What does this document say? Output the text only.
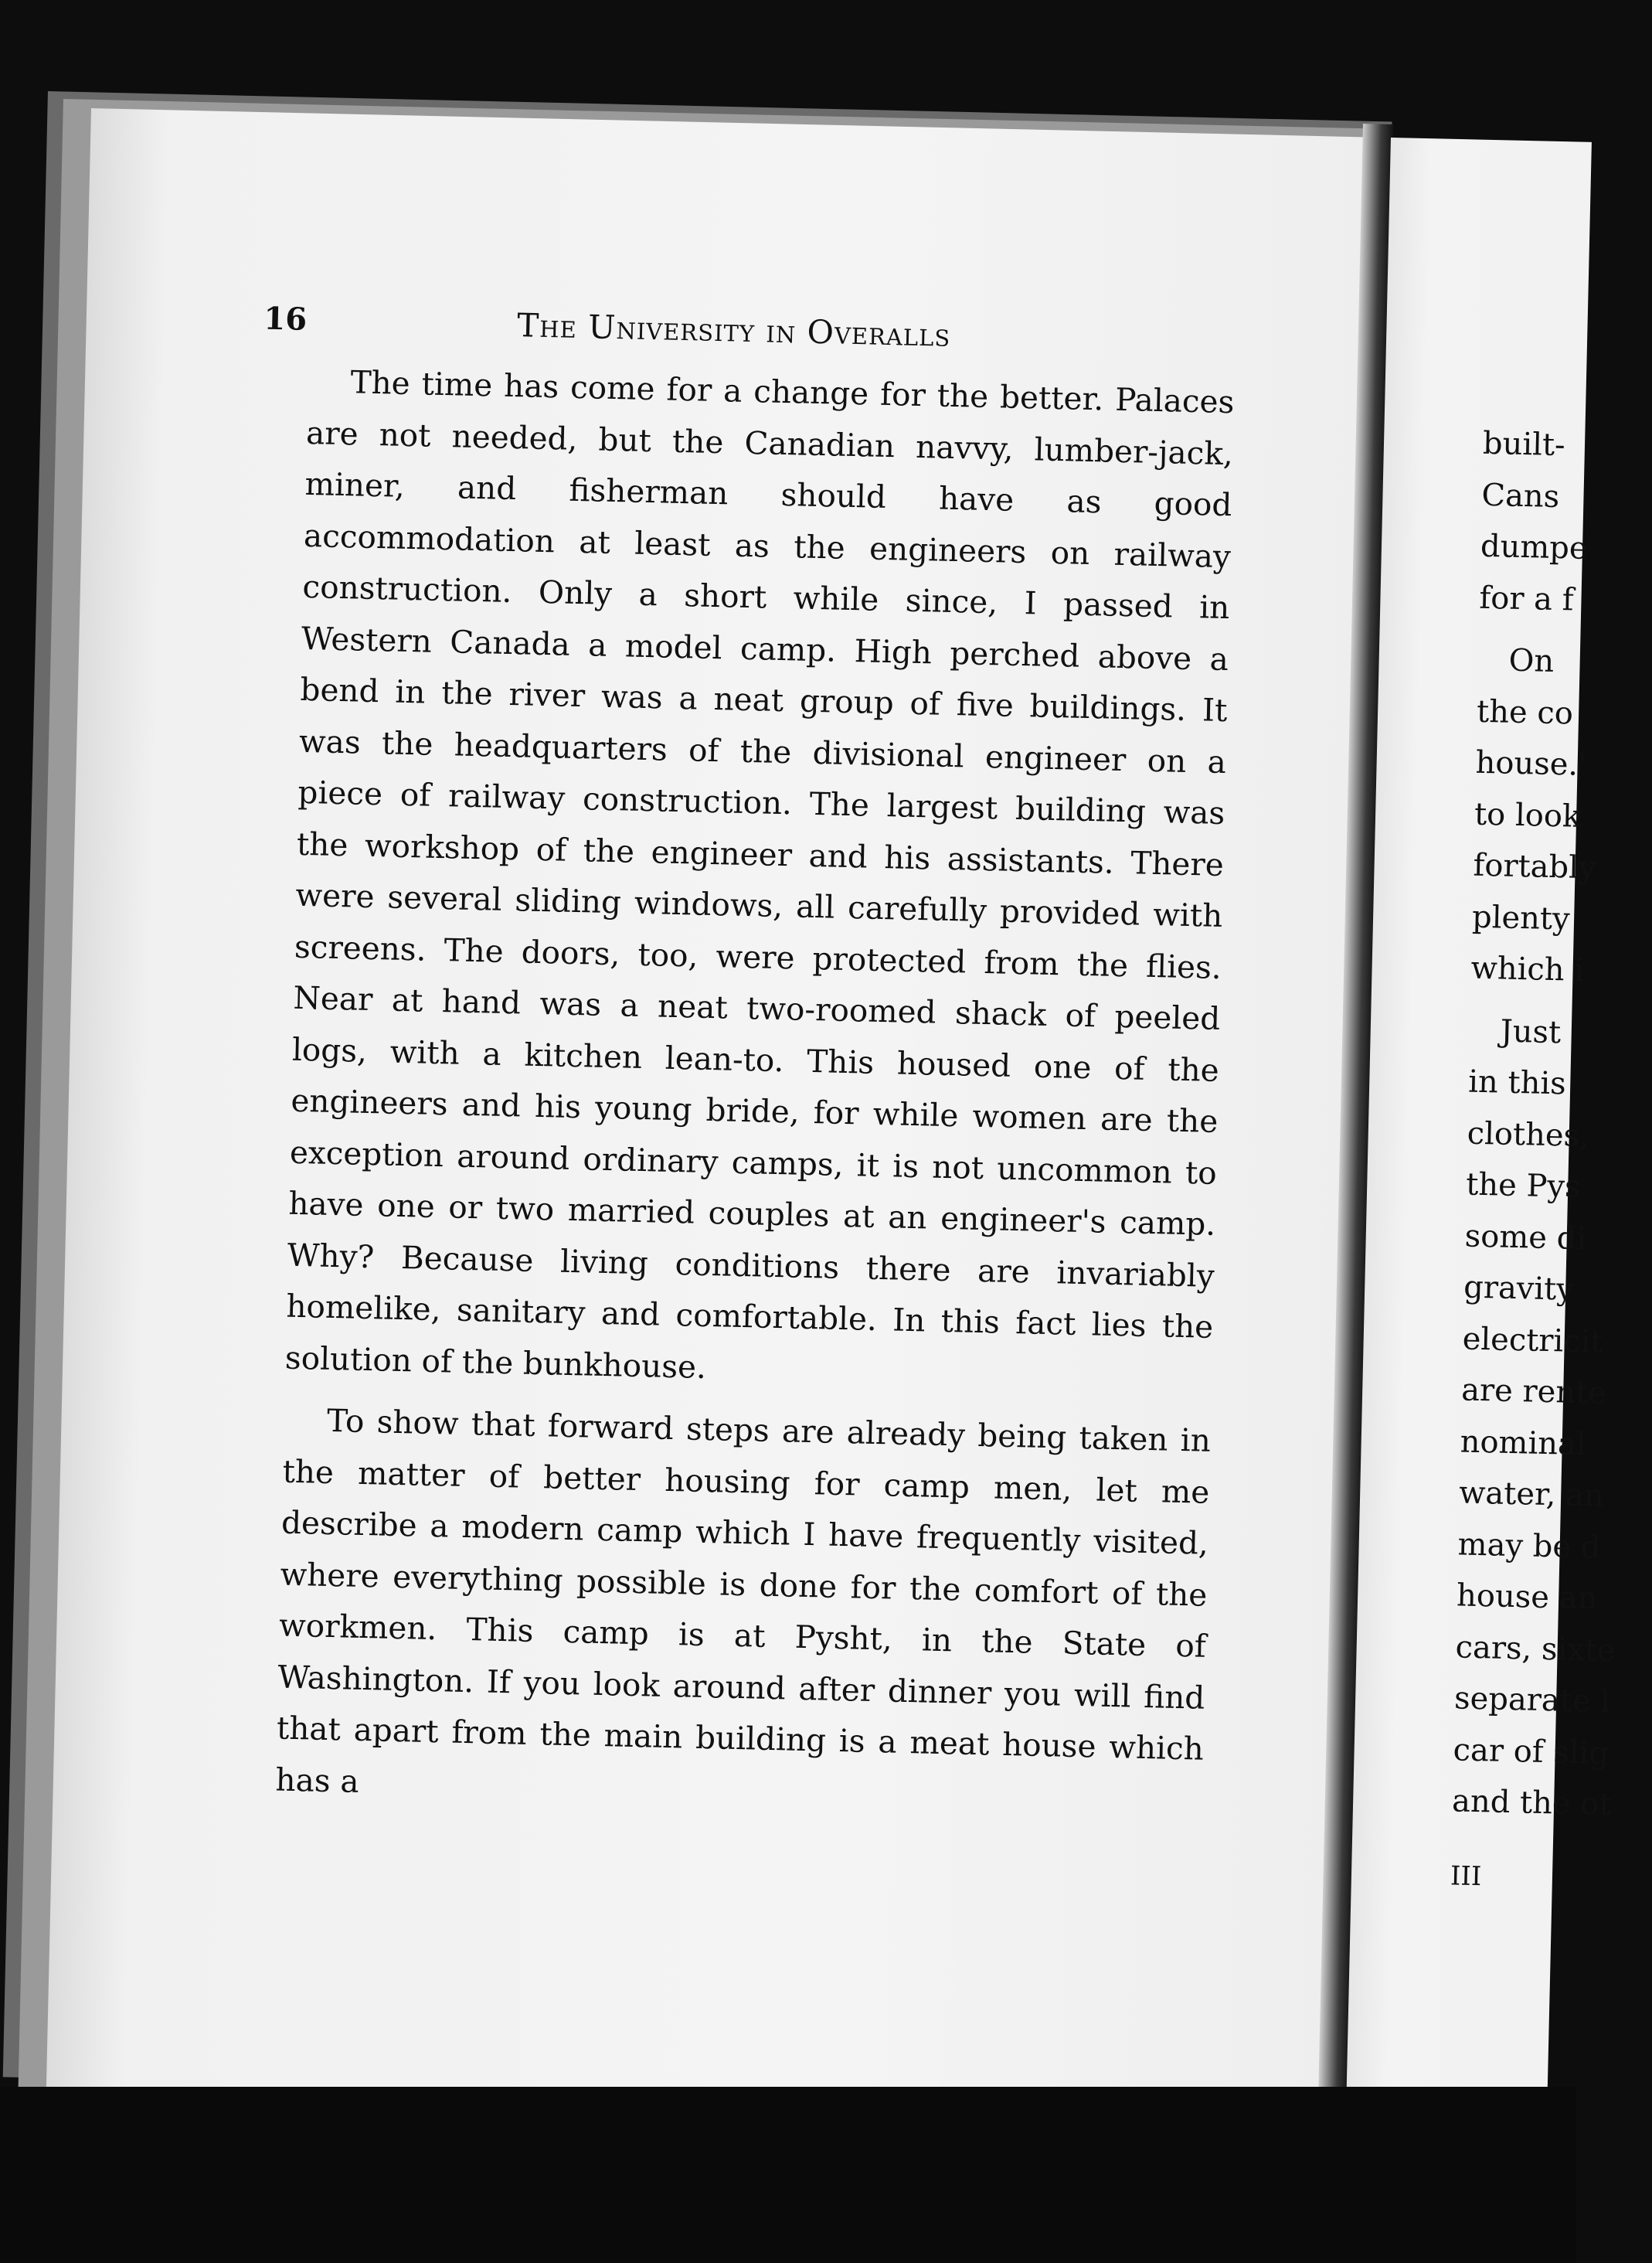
built-
Cans
dumpe
for a f
On
the co
house.'
to look
fortably
plenty
which i
Just
in this
clothes,
the Pys
some di
gravity
electricit
are rente
nominal
water, an
may be d
house an
cars, sixte
separate l
car of slig
and the ot
III
16	The University in Overalls

The time has come for a change for the better. Palaces are not needed, but the Canadian navvy, lumber-jack, miner, and fisherman should have as good accommodation at least as the engineers on railway construction. Only a short while since, I passed in Western Canada a model camp. High perched above a bend in the river was a neat group of five buildings. It was the headquarters of the divisional engineer on a piece of railway construction. The largest building was the workshop of the engineer and his assistants. There were several sliding windows, all carefully provided with screens. The doors, too, were protected from the flies. Near at hand was a neat two-roomed shack of peeled logs, with a kitchen lean-to. This housed one of the engineers and his young bride, for while women are the exception around ordinary camps, it is not uncommon to have one or two married couples at an engineer's camp. Why? Because living conditions there are invariably homelike, sanitary and comfortable. In this fact lies the solution of the bunkhouse.

To show that forward steps are already being taken in the matter of better housing for camp men, let me describe a modern camp which I have frequently visited, where everything possible is done for the comfort of the workmen. This camp is at Pysht, in the State of Washington. If you look around after dinner you will find that apart from the main building is a meat house which has a
